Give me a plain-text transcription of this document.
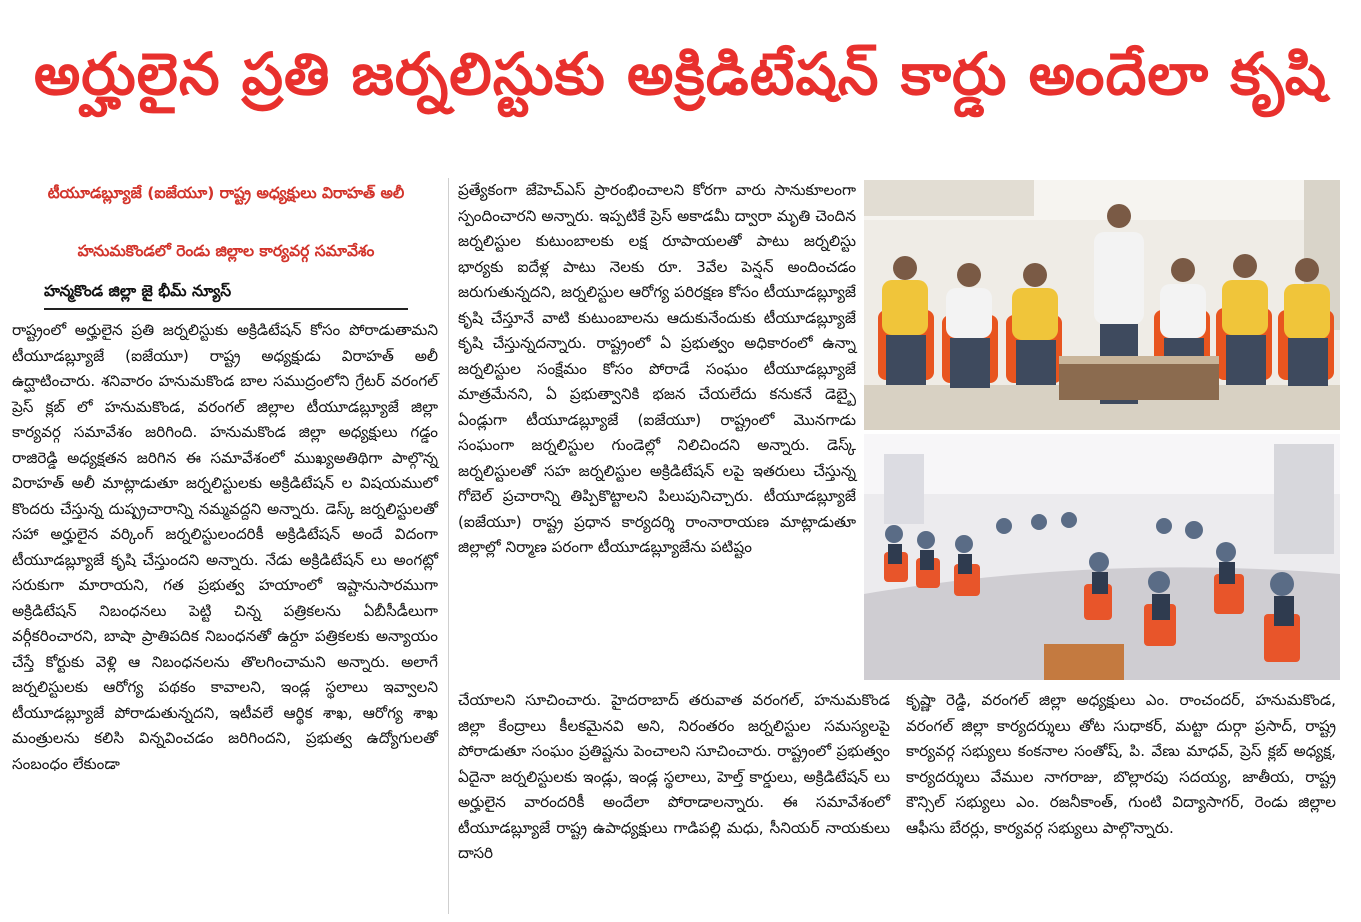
అర్హులైన ప్రతి జర్నలిస్టుకు అక్రిడిటేషన్ కార్డు అందేలా కృషి
టీయూడబ్ల్యూజే (ఐజేయూ) రాష్ట్ర అధ్యక్షులు విరాహత్ అలీ
హనుమకొండలో రెండు జిల్లాల కార్యవర్గ సమావేశం
హన్మకొండ జిల్లా జై భీమ్ న్యూస్

రాష్ట్రంలో అర్హులైన ప్రతి జర్నలిస్టుకు అక్రిడిటేషన్ కోసం పోరాడుతామని టీయూడబ్ల్యూజే (ఐజేయూ) రాష్ట్ర అధ్యక్షుడు విరాహత్ అలీ ఉద్ఘాటించారు. శనివారం హనుమకొండ బాల సముద్రంలోని గ్రేటర్ వరంగల్ ప్రెస్ క్లబ్ లో హనుమకొండ, వరంగల్ జిల్లాల టీయూడబ్ల్యూజే జిల్లా కార్యవర్గ సమావేశం జరిగింది. హనుమకొండ జిల్లా అధ్యక్షులు గడ్డం రాజిరెడ్డి అధ్యక్షతన జరిగిన ఈ సమావేశంలో ముఖ్యఅతిథిగా పాల్గొన్న విరాహత్ అలీ మాట్లాడుతూ జర్నలిస్టులకు అక్రిడిటేషన్ ల విషయములో కొందరు చేస్తున్న దుష్ప్రచారాన్ని నమ్మవద్దని అన్నారు. డెస్క్ జర్నలిస్టులతో సహా అర్హులైన వర్కింగ్ జర్నలిస్టులందరికీ అక్రిడిటేషన్ అందే విదంగా టీయూడబ్ల్యూజే కృషి చేస్తుందని అన్నారు. నేడు అక్రిడిటేషన్ లు అంగట్లో సరుకుగా మారాయని, గత ప్రభుత్వ హయాంలో ఇష్టానుసారముగా అక్రిడిటేషన్ నిబంధనలు పెట్టి చిన్న పత్రికలను ఏబీసీడీలుగా వర్గీకరించారని, బాషా ప్రాతిపదిక నిబంధనతో ఉర్దూ పత్రికలకు అన్యాయం చేస్తే కోర్టుకు వెళ్లి ఆ నిబంధనలను తొలగించామని అన్నారు. అలాగే జర్నలిస్టులకు ఆరోగ్య పథకం కావాలని, ఇండ్ల స్థలాలు ఇవ్వాలని టీయూడబ్ల్యూజే పోరాడుతున్నదని, ఇటీవలే ఆర్థిక శాఖ, ఆరోగ్య శాఖ మంత్రులను కలిసి విన్నవించడం జరిగిందని, ప్రభుత్వ ఉద్యోగులతో సంబంధం లేకుండా

ప్రత్యేకంగా జేహెచ్ఎస్ ప్రారంభించాలని కోరగా వారు సానుకూలంగా స్పందించారని అన్నారు. ఇప్పటికే ప్రెస్ అకాడమీ ద్వారా మృతి చెందిన జర్నలిస్టుల కుటుంబాలకు లక్ష రూపాయలతో పాటు జర్నలిస్టు భార్యకు ఐదేళ్ల పాటు నెలకు రూ. 3వేల పెన్షన్ అందించడం జరుగుతున్నదని, జర్నలిస్టుల ఆరోగ్య పరిరక్షణ కోసం టీయూడబ్ల్యూజే కృషి చేస్తూనే వాటి కుటుంబాలను ఆదుకునేందుకు టీయూడబ్ల్యూజే కృషి చేస్తున్నదన్నారు. రాష్ట్రంలో ఏ ప్రభుత్వం అధికారంలో ఉన్నా జర్నలిస్టుల సంక్షేమం కోసం పోరాడే సంఘం టీయూడబ్ల్యూజే మాత్రమేనని, ఏ ప్రభుత్వానికి భజన చేయలేదు కనుకనే డెబ్బై ఏండ్లుగా టీయూడబ్ల్యూజే (ఐజేయూ) రాష్ట్రంలో మొనగాడు సంఘంగా జర్నలిస్టుల గుండెల్లో నిలిచిందని అన్నారు. డెస్క్ జర్నలిస్టులతో సహ జర్నలిస్టుల అక్రిడిటేషన్ లపై ఇతరులు చేస్తున్న గోబెల్ ప్రచారాన్ని తిప్పికొట్టాలని పిలుపునిచ్చారు. టీయూడబ్ల్యూజే (ఐజేయూ) రాష్ట్ర ప్రధాన కార్యదర్శి రాంనారాయణ మాట్లాడుతూ జిల్లాల్లో నిర్మాణ పరంగా టీయూడబ్ల్యూజేను పటిష్టం

చేయాలని సూచించారు. హైదరాబాద్ తరువాత వరంగల్, హనుమకొండ జిల్లా కేంద్రాలు కీలకమైనవి అని, నిరంతరం జర్నలిస్టుల సమస్యలపై పోరాడుతూ సంఘం ప్రతిష్టను పెంచాలని సూచించారు. రాష్ట్రంలో ప్రభుత్వం ఏదైనా జర్నలిస్టులకు ఇండ్లు, ఇండ్ల స్థలాలు, హెల్త్ కార్డులు, అక్రిడిటేషన్ లు అర్హులైన వారందరికీ అందేలా పోరాడాలన్నారు. ఈ సమావేశంలో టీయూడబ్ల్యూజే రాష్ట్ర ఉపాధ్యక్షులు గాడిపల్లి మధు, సీనియర్ నాయకులు దాసరి

కృష్ణా రెడ్డి, వరంగల్ జిల్లా అధ్యక్షులు ఎం. రాంచందర్, హనుమకొండ, వరంగల్ జిల్లా కార్యదర్శులు తోట సుధాకర్, మట్టా దుర్గా ప్రసాద్, రాష్ట్ర కార్యవర్గ సభ్యులు కంకనాల సంతోష్, పి. వేణు మాధవ్, ప్రెస్ క్లబ్ అధ్యక్ష, కార్యదర్శులు వేముల నాగరాజు, బొల్లారపు సదయ్య, జాతీయ, రాష్ట్ర కౌన్సిల్ సభ్యులు ఎం. రజనీకాంత్, గుంటి విద్యాసాగర్, రెండు జిల్లాల ఆఫీసు బేరర్లు, కార్యవర్గ సభ్యులు పాల్గొన్నారు.
